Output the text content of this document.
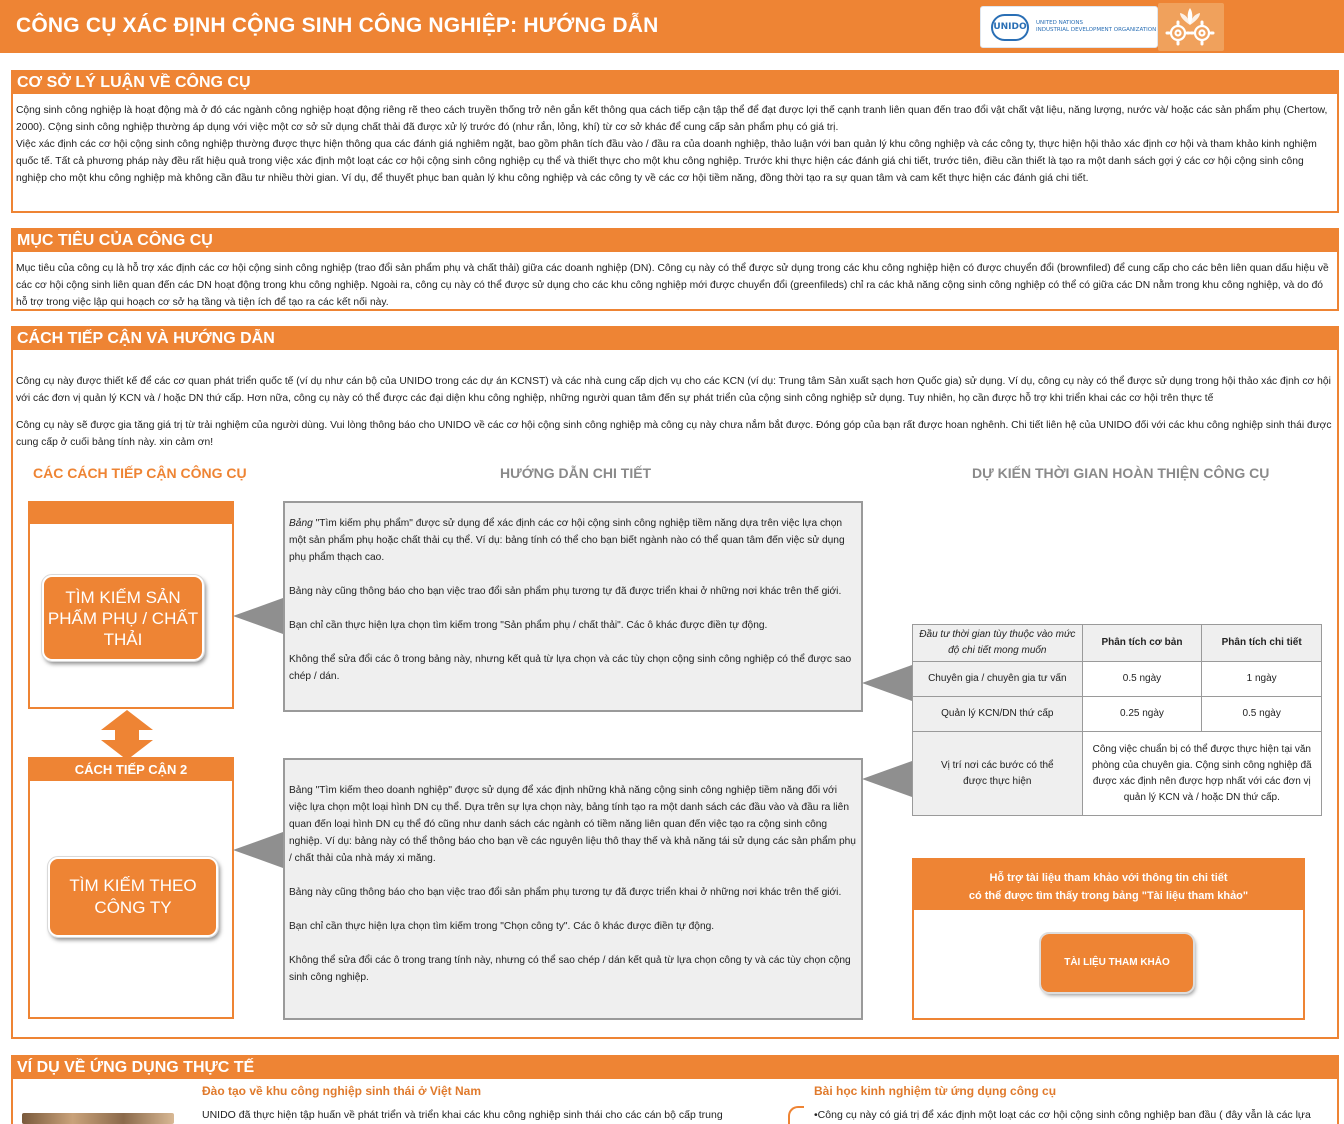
CÔNG CỤ XÁC ĐỊNH CỘNG SINH CÔNG NGHIỆP: HƯỚNG DẪN	UNIDO	UNITED NATIONS
INDUSTRIAL DEVELOPMENT ORGANIZATION
CƠ SỞ LÝ LUẬN VỀ CÔNG CỤ
Cộng sinh công nghiệp là hoạt động mà ở đó các ngành công nghiệp hoạt động riêng rẽ theo cách truyền thống trở nên gắn kết thông qua cách tiếp cận tập thể để đạt được lợi thế cạnh tranh liên quan đến trao đổi vật chất vật liệu, năng lượng, nước và/ hoặc các sản phẩm phụ (Chertow, 2000). Cộng sinh công nghiệp thường áp dụng với việc một cơ sở sử dụng chất thải đã được xử lý trước đó (như rắn, lỏng, khí) từ cơ sở khác để cung cấp sản phẩm phụ có giá trị.
Việc xác định các cơ hội cộng sinh công nghiệp thường được thực hiện thông qua các đánh giá nghiêm ngặt, bao gồm phân tích đầu vào / đầu ra của doanh nghiệp, thảo luận với ban quản lý khu công nghiệp và các công ty, thực hiện hội thảo xác định cơ hội và tham khảo kinh nghiệm quốc tế. Tất cả phương pháp này đều rất hiệu quả trong việc xác định một loạt các cơ hội cộng sinh công nghiệp cụ thể và thiết thực cho một khu công nghiệp. Trước khi thực hiện các đánh giá chi tiết, trước tiên, điều cần thiết là tạo ra một danh sách gợi ý các cơ hội cộng sinh công nghiệp cho một khu công nghiệp mà không cần đầu tư nhiều thời gian. Ví dụ, để thuyết phục ban quản lý khu công nghiệp và các công ty về các cơ hội tiềm năng, đồng thời tạo ra sự quan tâm và cam kết thực hiện các đánh giá chi tiết.
MỤC TIÊU CỦA CÔNG CỤ
Mục tiêu của công cụ là hỗ trợ xác định các cơ hội cộng sinh công nghiệp (trao đổi sản phẩm phụ và chất thải) giữa các doanh nghiệp (DN). Công cụ này có thể được sử dụng trong các khu công nghiệp hiện có được chuyển đổi (brownfiled) để cung cấp cho các bên liên quan dấu hiệu về các cơ hội cộng sinh liên quan đến các DN hoạt động trong khu công nghiệp. Ngoài ra, công cụ này có thể được sử dụng cho các khu công nghiệp mới được chuyển đổi (greenfileds) chỉ ra các khả năng cộng sinh công nghiệp có thể có giữa các DN nằm trong khu công nghiệp, và do đó hỗ trợ trong việc lập qui hoạch cơ sở hạ tầng và tiện ích để tạo ra các kết nối này.
CÁCH TIẾP CẬN VÀ HƯỚNG DẪN
Công cụ này được thiết kế để các cơ quan phát triển quốc tế (ví dụ như cán bộ của UNIDO trong các dự án KCNST) và các nhà cung cấp dịch vụ cho các KCN (ví dụ: Trung tâm Sản xuất sạch hơn Quốc gia) sử dụng. Ví dụ, công cụ này có thể được sử dụng trong hội thảo xác định cơ hội với các đơn vị quản lý KCN và / hoặc DN thứ cấp. Hơn nữa, công cụ này có thể được các đại diện khu công nghiệp, những người quan tâm đến sự phát triển của cộng sinh công nghiệp sử dụng. Tuy nhiên, họ cần được hỗ trợ khi triển khai các cơ hội trên thực tế
Công cụ này sẽ được gia tăng giá trị từ trải nghiệm của người dùng. Vui lòng thông báo cho UNIDO về các cơ hội cộng sinh công nghiệp mà công cụ này chưa nắm bắt được. Đóng góp của bạn rất được hoan nghênh. Chi tiết liên hệ của UNIDO đối với các khu công nghiệp sinh thái được cung cấp ở cuối bảng tính này. xin cảm ơn!
CÁC CÁCH TIẾP CẬN CÔNG CỤ	HƯỚNG DẪN CHI TIẾT	DỰ KIẾN THỜI GIAN HOÀN THIỆN CÔNG CỤ
TÌM KIẾM SẢN PHẨM PHỤ / CHẤT THẢI
CÁCH TIẾP CẬN 2
TÌM KIẾM THEO CÔNG TY

Bảng "Tìm kiếm phụ phẩm" được sử dụng để xác định các cơ hội cộng sinh công nghiệp tiềm năng dựa trên việc lựa chọn một sản phẩm phụ hoặc chất thải cụ thể. Ví dụ: bảng tính có thể cho bạn biết ngành nào có thể quan tâm đến việc sử dụng phụ phẩm thạch cao.

Bảng này cũng thông báo cho bạn việc trao đổi sản phẩm phụ tương tự đã được triển khai ở những nơi khác trên thế giới.

Bạn chỉ cần thực hiện lựa chọn tìm kiếm trong "Sản phẩm phụ / chất thải". Các ô khác được điền tự động.

Không thể sửa đổi các ô trong bảng này, nhưng kết quả từ lựa chọn và các tùy chọn cộng sinh công nghiệp có thể được sao chép / dán.

Bảng "Tìm kiếm theo doanh nghiệp" được sử dụng để xác định những khả năng cộng sinh công nghiệp tiềm năng đối với việc lựa chọn một loại hình DN cụ thể. Dựa trên sự lựa chọn này, bảng tính tạo ra một danh sách các đầu vào và đầu ra liên quan đến loại hình DN cụ thể đó cũng như danh sách các ngành có tiềm năng liên quan đến việc tạo ra cộng sinh công nghiệp. Ví dụ: bảng này có thể thông báo cho bạn về các nguyên liệu thô thay thế và khả năng tái sử dụng các sản phẩm phụ / chất thải của nhà máy xi măng.

Bảng này cũng thông báo cho bạn việc trao đổi sản phẩm phụ tương tự đã được triển khai ở những nơi khác trên thế giới.

Bạn chỉ cần thực hiện lựa chọn tìm kiếm trong "Chọn công ty". Các ô khác được điền tự động.

Không thể sửa đổi các ô trong trang tính này, nhưng có thể sao chép / dán kết quả từ lựa chọn công ty và các tùy chọn cộng sinh công nghiệp.

Đầu tư thời gian tùy thuộc vào mức độ chi tiết mong muốn	Phân tích cơ bản	Phân tích chi tiết
Chuyên gia / chuyên gia tư vấn	0.5 ngày	1 ngày
Quản lý KCN/DN thứ cấp	0.25 ngày	0.5 ngày
Vị trí nơi các bước có thể được thực hiện	Công việc chuẩn bị có thể được thực hiện tại văn phòng của chuyên gia. Cộng sinh công nghiệp đã được xác định nên được hợp nhất với các đơn vị quản lý KCN và / hoặc DN thứ cấp.	
Hỗ trợ tài liệu tham khảo với thông tin chi tiết
có thể được tìm thấy trong bảng "Tài liệu tham khảo"
TÀI LIỆU THAM KHẢO
VÍ DỤ VỀ ỨNG DỤNG THỰC TẾ
Đào tạo về khu công nghiệp sinh thái ở Việt Nam
UNIDO đã thực hiện tập huấn về phát triển và triển khai các khu công nghiệp sinh thái cho các cán bộ cấp trung
Bài học kinh nghiệm từ ứng dụng công cụ
•Công cụ này có giá trị để xác định một loạt các cơ hội cộng sinh công nghiệp ban đầu ( đây vẫn là các lựa
